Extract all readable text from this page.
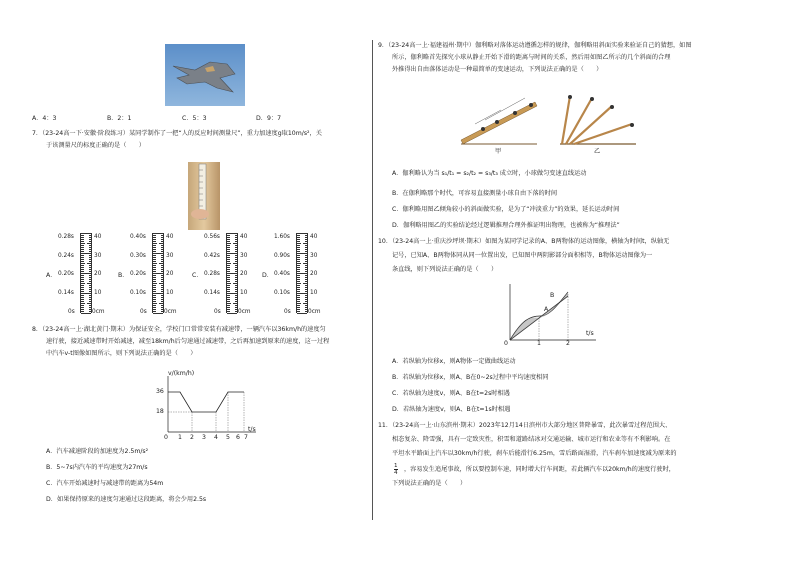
A．4：3	B．2：1	C．5：3	D．9：7
7．（23-24高一下·安徽·阶段练习）某同学制作了一把“人的反应时间测量尺”，重力加速度g取10m/s²，关
于该测量尺的标度正确的是（　　）
A．
0.28s
0.24s
0.20s
0.14s
0s
40
30
20
10
0cm
B．
0.40s
0.30s
0.20s
0.10s
0s
40
30
20
10
0cm
C．
0.56s
0.42s
0.28s
0.14s
0s
40
30
20
10
0cm
D．
1.60s
0.90s
0.40s
0.10s
0s
40
30
20
10
0cm
8．（23-24高一上·湖北黄门·期末）为保证安全，学校门口常常安装有减速带，一辆汽车以36km/h的速度匀
速行驶，接近减速带时开始减速，减至18km/h后匀速通过减速带，之后再加速到原来的速度，这一过程
中汽车v-t图像如图所示，则下列说法正确的是（　　）
v/(km/h)
36
18
0 1 2 3 4 5 6 7
t/s
A．汽车减速阶段的加速度为2.5m/s²
B．5~7s内汽车的平均速度为27m/s
C．汽车开始减速时与减速带的距离为54m
D．如果保持原来的速度匀速通过这段距离，将会少用2.5s
9．（23-24高一上·福建福州·期中）伽利略对落体运动遵循怎样的规律，伽利略用斜面实验来验证自己的猜想，如图
所示，伽利略首先探究小球从静止开始下滑的距离与时间的关系，然后用如图乙所示的几个斜面的合理
外推得出自由落体运动是一种最简单的变速运动，下列说法正确的是（　　）
甲	乙
A．伽利略认为当 s₁/t₁ = s₂/t₂ = s₃/t₃ 成立时，小球做匀变速直线运动
B．在伽利略那个时代，可容易直接测量小球自由下落的时间
C．伽利略用图乙倾角较小的斜面做实验，是为了“冲淡重力”的效果，延长运动时间
D．伽利略用图乙的实验结论经过逻辑推理合理外推证明出物理，也被称为“推理法”
10．（23-24高一上·重庆沙坪坝·期末）如图为某同学记录的A、B两物体的运动图像，横轴为时间t，纵轴无
记号，已知A、B两物体同从同一位置出发，已知图中两阴影部分面积相等，B物体运动图像为一
条直线，则下列说法正确的是（　　）
A
B
0	1	2
t/s
A．若纵轴为位移x，则A物体一定做曲线运动
B．若纵轴为位移x，则A、B在0~2s过程中平均速度相同
C．若纵轴为速度v，则A、B在t=2s时相遇
D．若纵轴为速度v，则A、B在t=1s时相遇
11．（23-24高一上·山东滨州·期末）2023年12月14日滨州市大部分地区普降暴雪，此次暴雪过程范围大、
相态复杂、降雪强，具有一定致灾性，积雪和道路结冰对交通运输、城市运行和农业等有不利影响。在
平坦水平路面上汽车以30km/h行驶，刹车后能滑行6.25m，雪后路面湿滑，汽车刹车加速度减为原来的
1
4
，容易发生追尾事故，所以要控制车速，同时增大行车间距，若此辆汽车以20km/h的速度行驶时，
下列说法正确的是（　　）
